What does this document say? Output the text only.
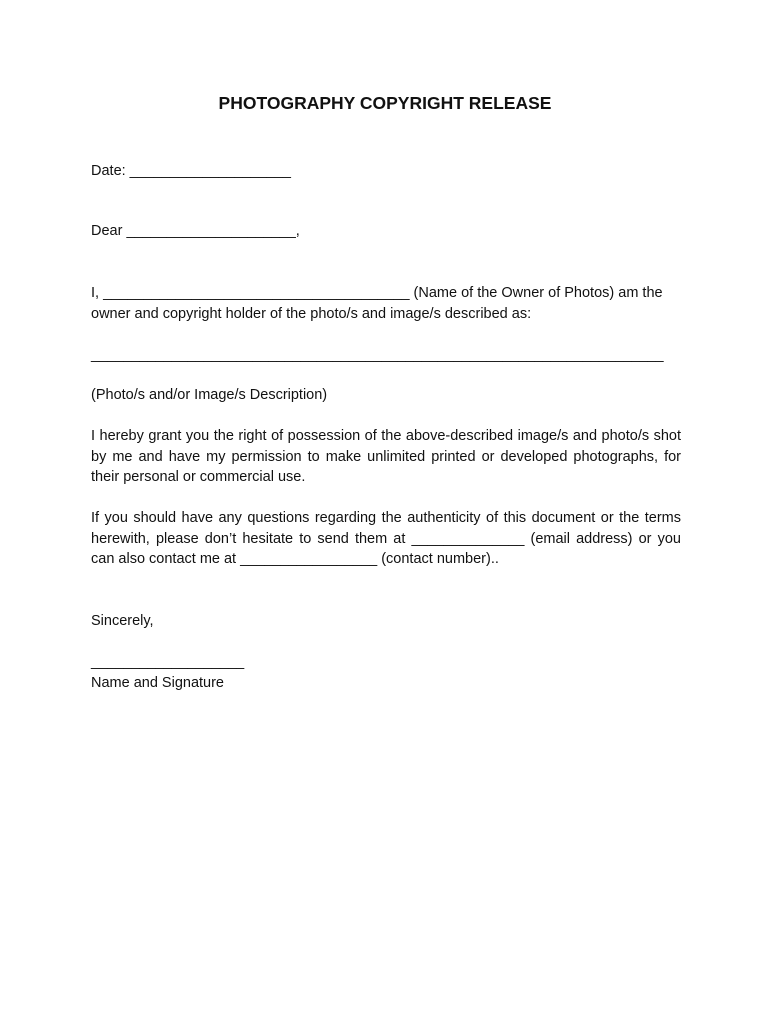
PHOTOGRAPHY COPYRIGHT RELEASE
Date: ____________________
Dear _____________________,
I, ______________________________________ (Name of the Owner of Photos) am the
owner and copyright holder of the photo/s and image/s described as:
_______________________________________________________________________
(Photo/s and/or Image/s Description)
I hereby grant you the right of possession of the above-described image/s and photo/s shot by me and have my permission to make unlimited printed or developed photographs, for their personal or commercial use.
If you should have any questions regarding the authenticity of this document or the terms herewith, please don’t hesitate to send them at ______________ (email address) or you can also contact me at _________________ (contact number)..
Sincerely,
___________________
Name and Signature
